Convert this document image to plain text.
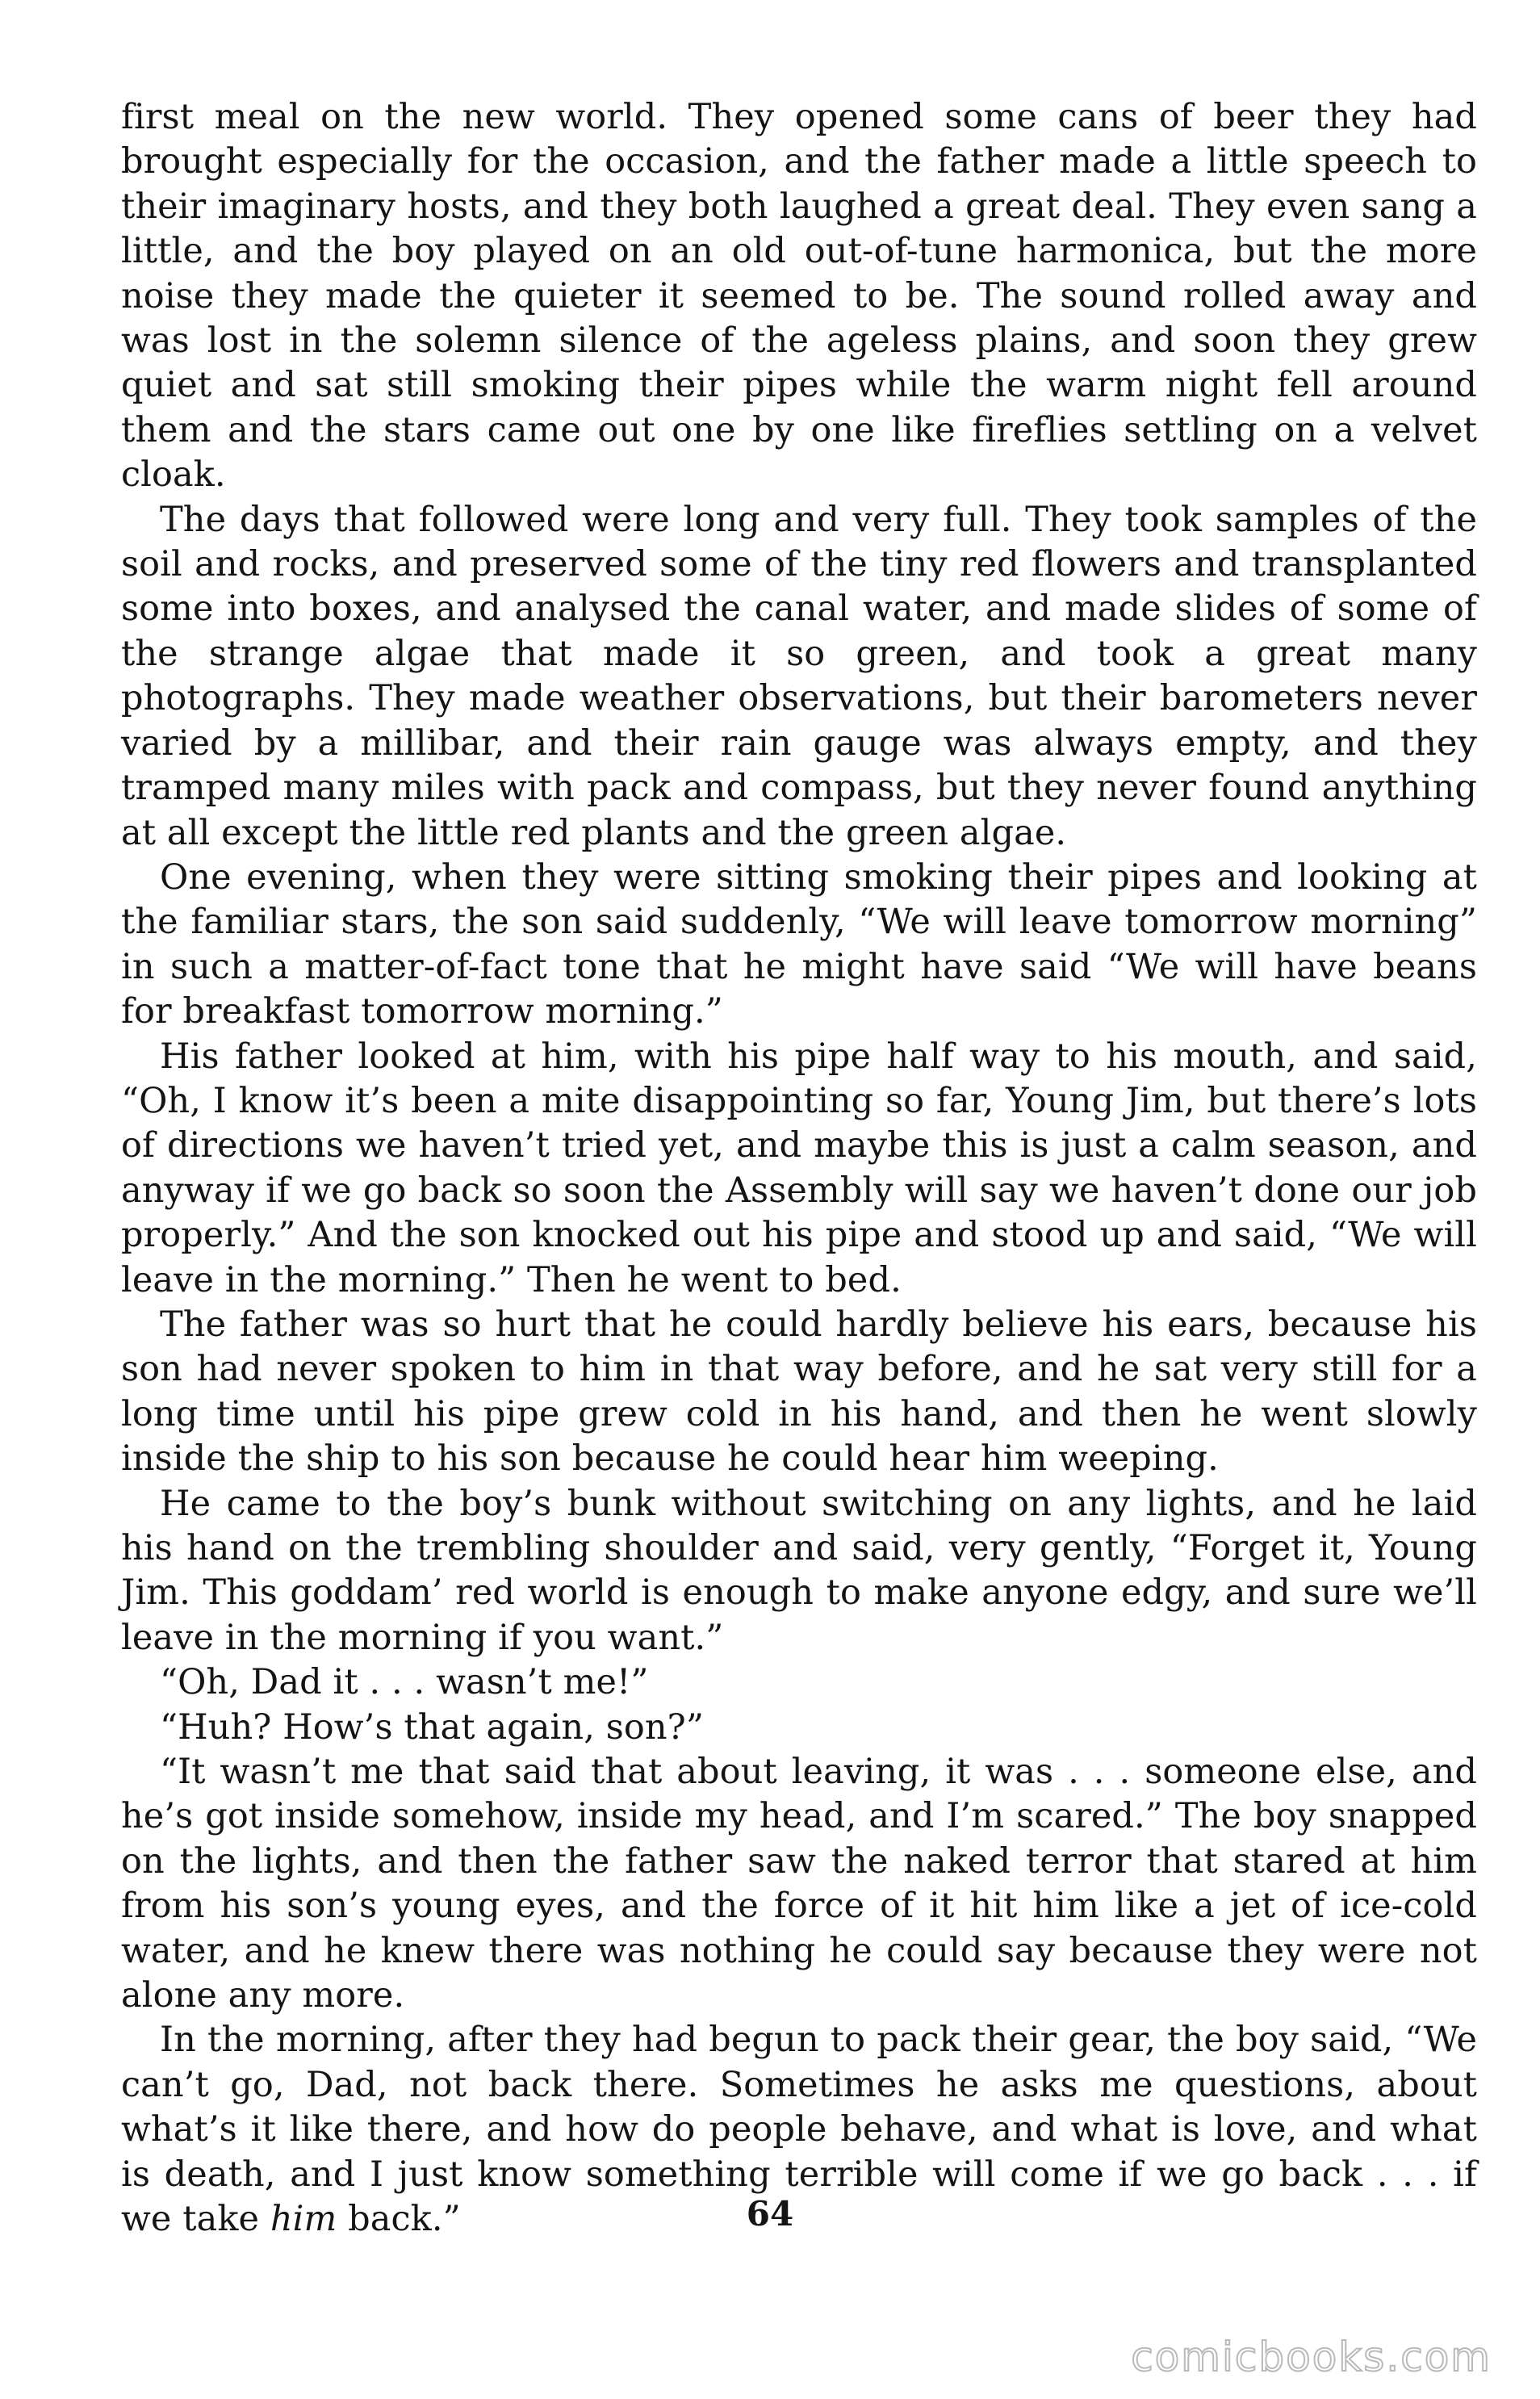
first meal on the new world. They opened some cans of beer they had brought especially for the occasion, and the father made a little speech to their imaginary hosts, and they both laughed a great deal. They even sang a little, and the boy played on an old out-of-tune harmonica, but the more noise they made the quieter it seemed to be. The sound rolled away and was lost in the solemn silence of the ageless plains, and soon they grew quiet and sat still smoking their pipes while the warm night fell around them and the stars came out one by one like fireflies settling on a velvet cloak.

The days that followed were long and very full. They took samples of the soil and rocks, and preserved some of the tiny red flowers and transplanted some into boxes, and analysed the canal water, and made slides of some of the strange algae that made it so green, and took a great many photographs. They made weather observations, but their barometers never varied by a millibar, and their rain gauge was always empty, and they tramped many miles with pack and compass, but they never found anything at all except the little red plants and the green algae.

One evening, when they were sitting smoking their pipes and looking at the familiar stars, the son said suddenly, “We will leave tomorrow morning” in such a matter-of-fact tone that he might have said “We will have beans for breakfast tomorrow morning.”

His father looked at him, with his pipe half way to his mouth, and said, “Oh, I know it’s been a mite disappointing so far, Young Jim, but there’s lots of directions we haven’t tried yet, and maybe this is just a calm season, and anyway if we go back so soon the Assembly will say we haven’t done our job properly.” And the son knocked out his pipe and stood up and said, “We will leave in the morning.” Then he went to bed.

The father was so hurt that he could hardly believe his ears, because his son had never spoken to him in that way before, and he sat very still for a long time until his pipe grew cold in his hand, and then he went slowly inside the ship to his son because he could hear him weeping.

He came to the boy’s bunk without switching on any lights, and he laid his hand on the trembling shoulder and said, very gently, “Forget it, Young Jim. This goddam’ red world is enough to make anyone edgy, and sure we’ll leave in the morning if you want.”

“Oh, Dad it . . . wasn’t me!”

“Huh? How’s that again, son?”

“It wasn’t me that said that about leaving, it was . . . someone else, and he’s got inside somehow, inside my head, and I’m scared.” The boy snapped on the lights, and then the father saw the naked terror that stared at him from his son’s young eyes, and the force of it hit him like a jet of ice-cold water, and he knew there was nothing he could say because they were not alone any more.

In the morning, after they had begun to pack their gear, the boy said, “We can’t go, Dad, not back there. Sometimes he asks me questions, about what’s it like there, and how do people behave, and what is love, and what is death, and I just know something terrible will come if we go back . . . if we take him back.”	64
comicbooks.com
